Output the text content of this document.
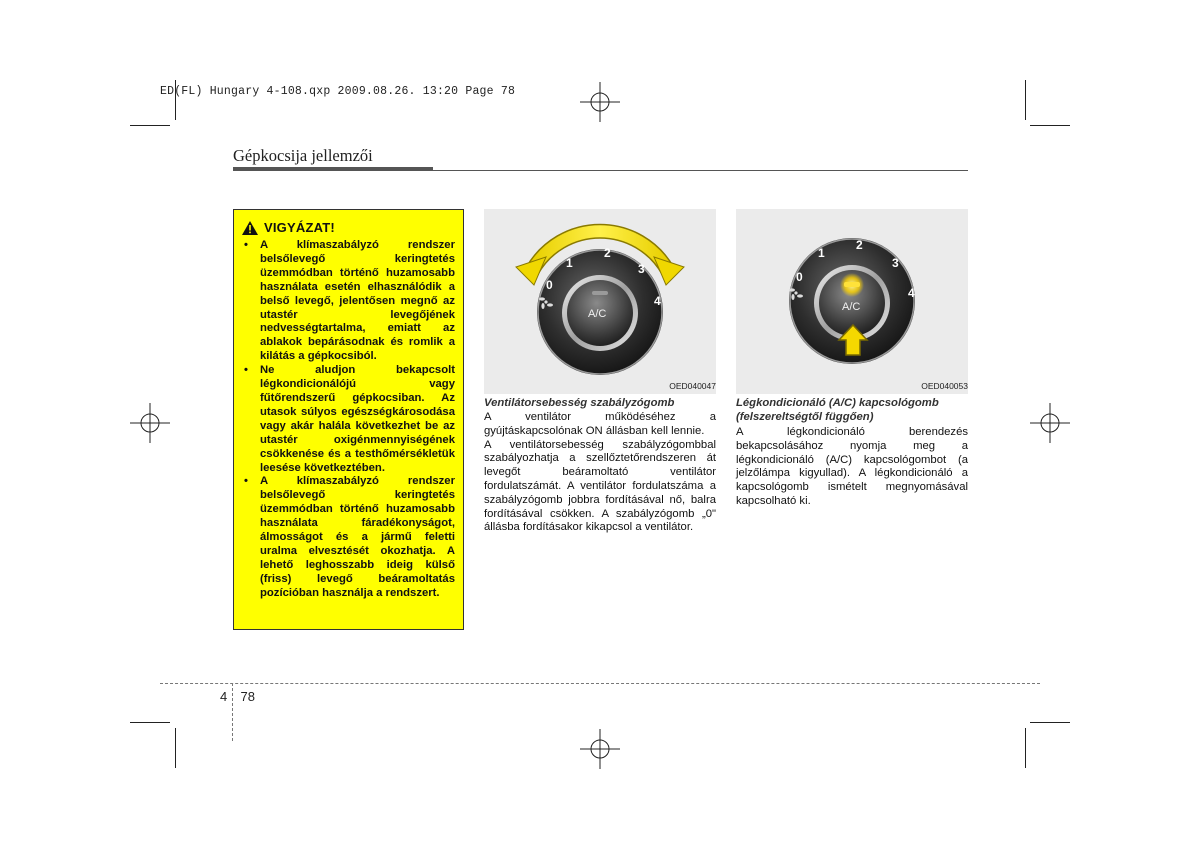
ED(FL) Hungary 4-108.qxp 2009.08.26. 13:20 Page 78
Gépkocsija jellemzői
VIGYÁZAT!
• A klímaszabályzó rendszer belsőlevegő keringtetés üzemmódban történő huzamosabb használata esetén elhasználódik a belső levegő, jelentősen megnő az utastér levegőjének nedvességtartalma, emiatt az ablakok bepárásodnak és romlik a kilátás a gépkocsiból.
• Ne aludjon bekapcsolt légkondicionálójú vagy fűtőrendszerű gépkocsiban. Az utasok súlyos egészségkárosodása vagy akár halála következhet be az utastér oxigénmennyiségének csökkenése és a testhőmérsékletük leesése következtében.
• A klímaszabályzó rendszer belsőlevegő keringtetés üzemmódban történő huzamosabb használata fáradékonyságot, álmosságot és a jármű feletti uralma elvesztését okozhatja. A lehető leghosszabb ideig külső (friss) levegő beáramoltatás pozícióban használja a rendszert.
0
1
2
3
4
A/C
OED040047
Ventilátorsebesség szabályzógomb

A ventilátor működéséhez a gyújtáskapcsolónak ON állásban kell lennie.

A ventilátorsebesség szabályzógombbal szabályozhatja a szellőztetőrendszeren át levegőt beáramoltató ventilátor fordulatszámát. A ventilátor fordulatszáma a szabályzógomb jobbra fordításával nő, balra fordításával csökken. A szabályzógomb „0" állásba fordításakor kikapcsol a ventilátor.

0
1
2
3
4
A/C
OED040053
Légkondicionáló (A/C) kapcsológomb (felszereltségtől függően)

A légkondicionáló berendezés bekapcsolásához nyomja meg a légkondicionáló (A/C) kapcsológombot (a jelzőlámpa kigyullad). A légkondicionáló a kapcsológomb ismételt megnyomásával kapcsolható ki.

4 78
